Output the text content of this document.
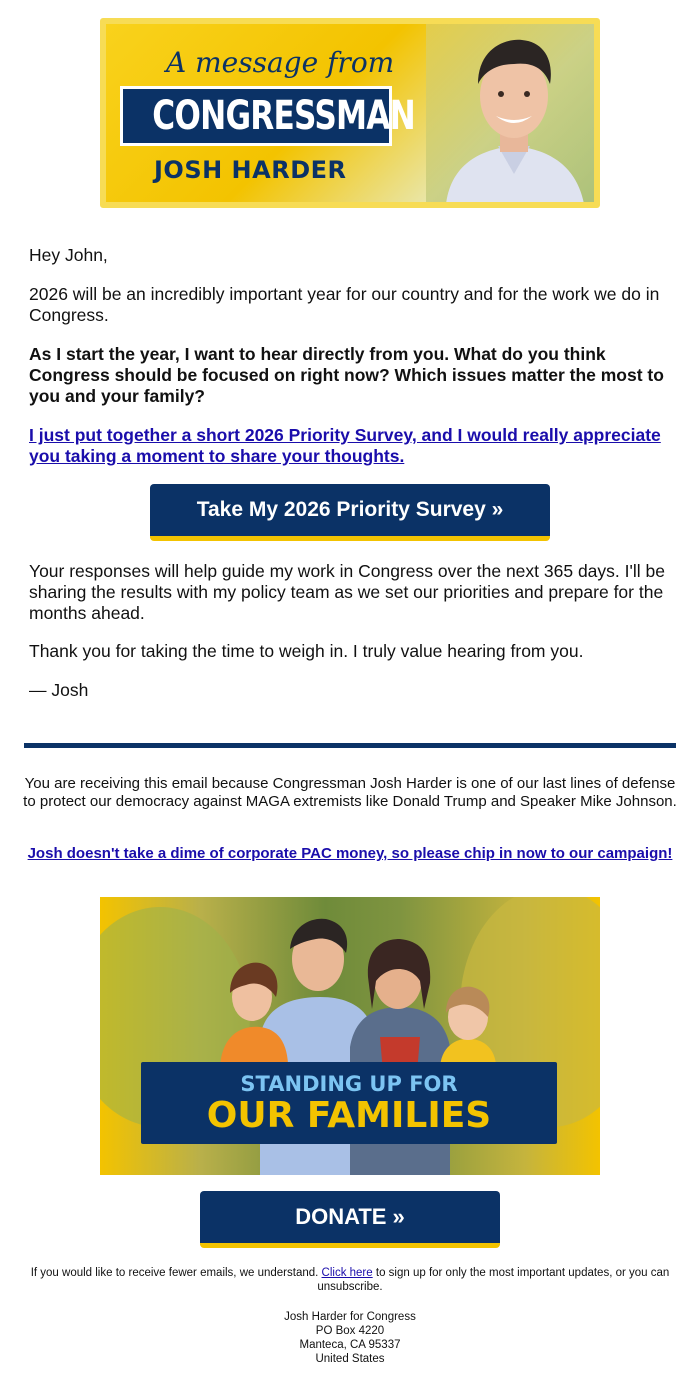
A message from
CONGRESSMAN
JOSH HARDER

Hey John,

2026 will be an incredibly important year for our country and for the work we do in Congress.

As I start the year, I want to hear directly from you. What do you think Congress should be focused on right now? Which issues matter the most to you and your family?

I just put together a short 2026 Priority Survey, and I would really appreciate you taking a moment to share your thoughts.

Take My 2026 Priority Survey »

Your responses will help guide my work in Congress over the next 365 days. I'll be sharing the results with my policy team as we set our priorities and prepare for the months ahead.

Thank you for taking the time to weigh in. I truly value hearing from you.

— Josh

You are receiving this email because Congressman Josh Harder is one of our last lines of defense to protect our democracy against MAGA extremists like Donald Trump and Speaker Mike Johnson.

Josh doesn't take a dime of corporate PAC money, so please chip in now to our campaign!

STANDING UP FOR
OUR FAMILIES
DONATE »

If you would like to receive fewer emails, we understand. Click here to sign up for only the most important updates, or you can unsubscribe.

Josh Harder for Congress
PO Box 4220
Manteca, CA 95337
United States
